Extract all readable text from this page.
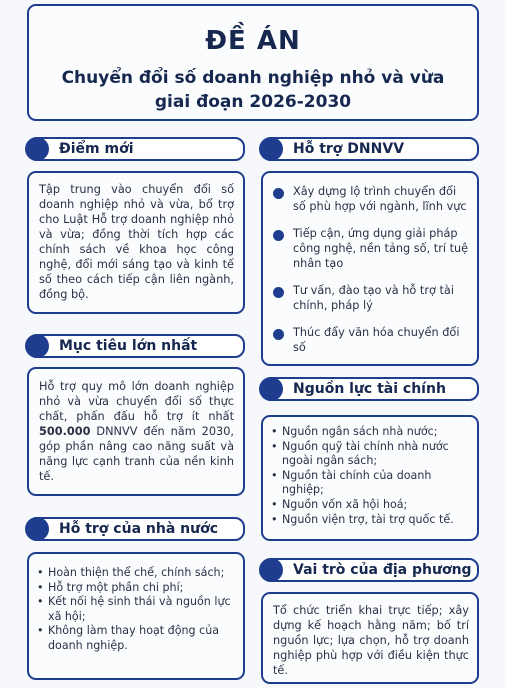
ĐỀ ÁN
Chuyển đổi số doanh nghiệp nhỏ và vừa
giai đoạn 2026-2030
Điểm mới
Tập trung vào chuyển đổi số doanh nghiệp nhỏ và vừa, bổ trợ cho Luật Hỗ trợ doanh nghiệp nhỏ và vừa; đồng thời tích hợp các chính sách về khoa học công nghệ, đổi mới sáng tạo và kinh tế số theo cách tiếp cận liên ngành, đồng bộ.
Mục tiêu lớn nhất
Hỗ trợ quy mô lớn doanh nghiệp nhỏ và vừa chuyển đổi số thực chất, phấn đấu hỗ trợ ít nhất 500.000 DNNVV đến năm 2030, góp phần nâng cao năng suất và năng lực cạnh tranh của nền kinh tế.
Hỗ trợ của nhà nước
• Hoàn thiện thể chế, chính sách;
• Hỗ trợ một phần chi phí;
• Kết nối hệ sinh thái và nguồn lực xã hội;
• Không làm thay hoạt động của doanh nghiệp.
Hỗ trợ DNNVV
Xây dựng lộ trình chuyển đổi số phù hợp với ngành, lĩnh vực
Tiếp cận, ứng dụng giải pháp công nghệ, nền tảng số, trí tuệ nhân tạo
Tư vấn, đào tạo và hỗ trợ tài chính, pháp lý
Thúc đẩy văn hóa chuyển đổi số
Nguồn lực tài chính
• Nguồn ngân sách nhà nước;
• Nguồn quỹ tài chính nhà nước ngoài ngân sách;
• Nguồn tài chính của doanh nghiệp;
• Nguồn vốn xã hội hoá;
• Nguồn viện trợ, tài trợ quốc tế.
Vai trò của địa phương
Tổ chức triển khai trực tiếp; xây dựng kế hoạch hằng năm; bố trí nguồn lực; lựa chọn, hỗ trợ doanh nghiệp phù hợp với điều kiện thực tế.
